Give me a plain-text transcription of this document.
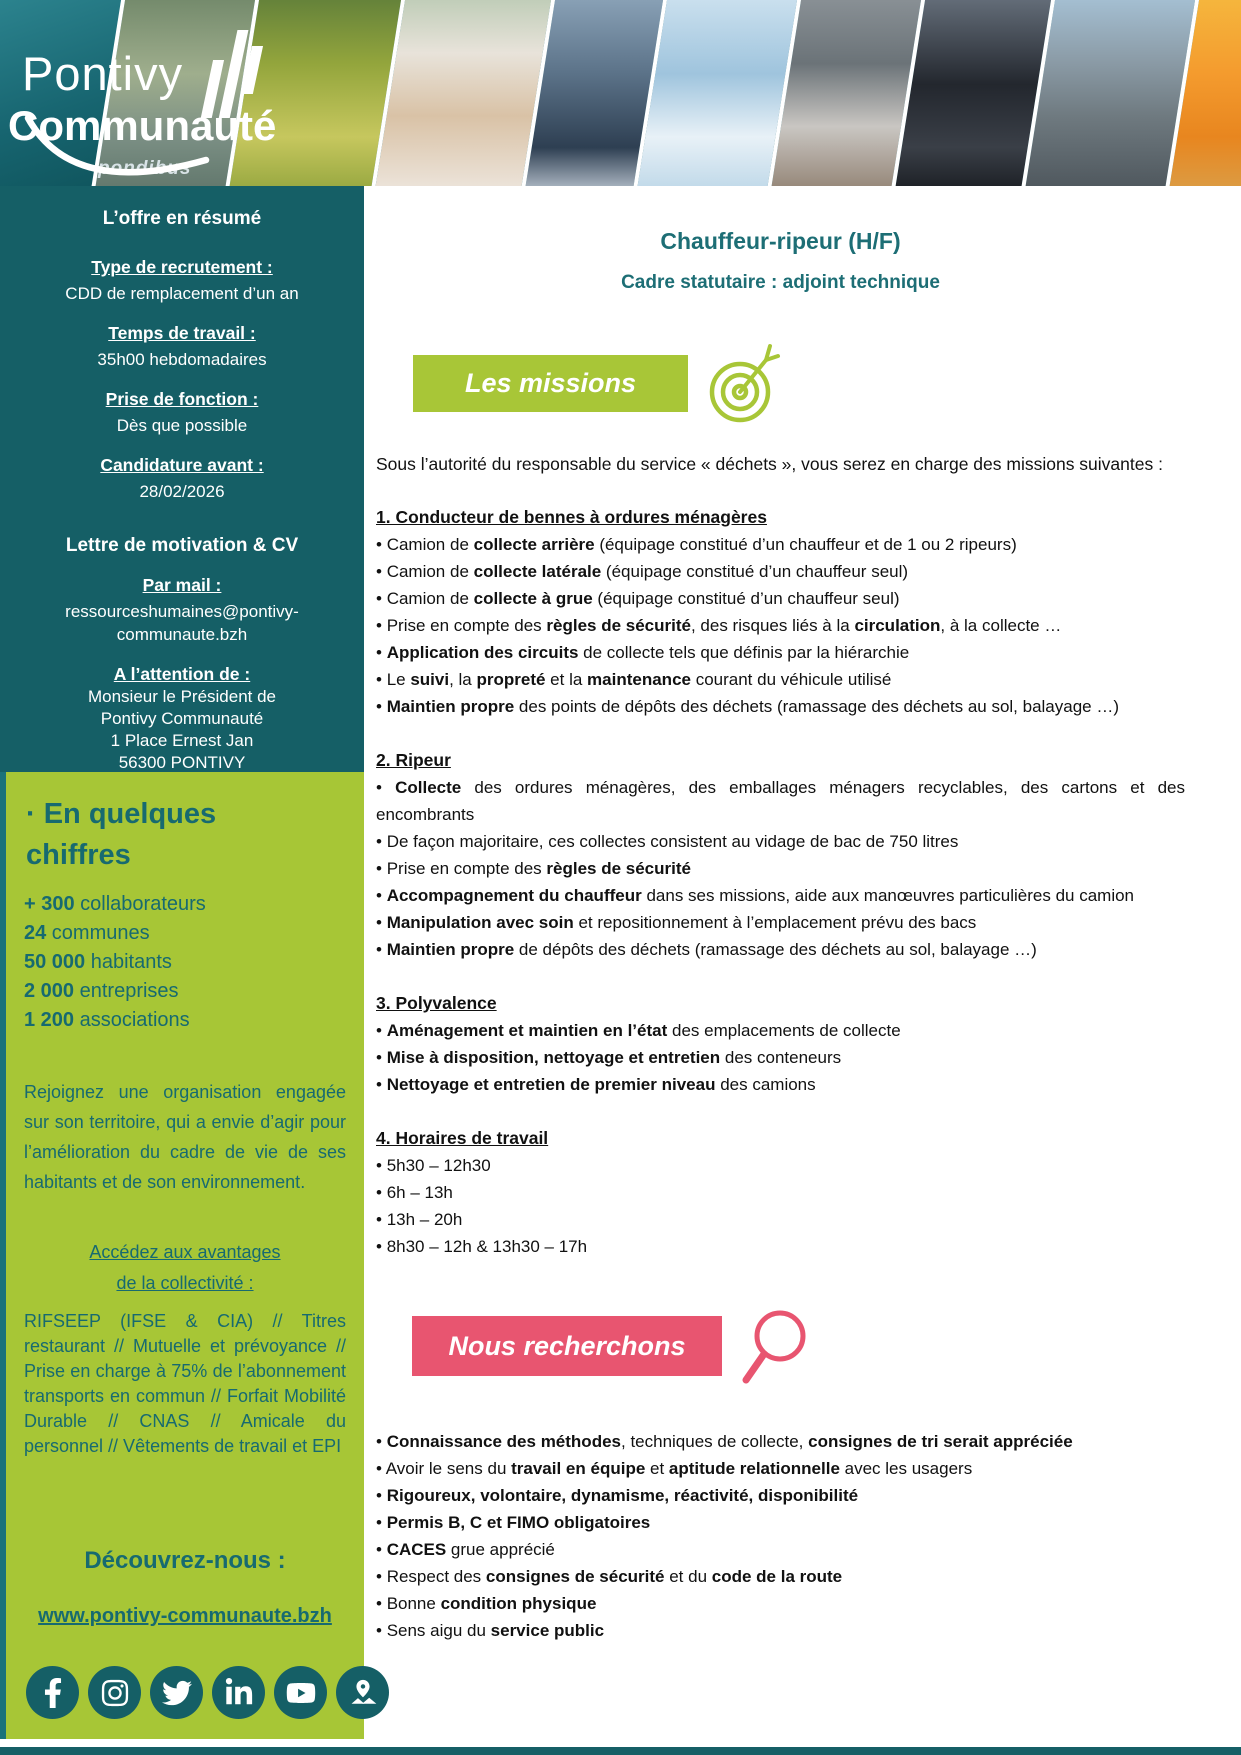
pondibus
Pontivy
Communauté
L’offre en résumé
Type de recrutement :
CDD de remplacement d’un an
Temps de travail :
35h00 hebdomadaires
Prise de fonction :
Dès que possible
Candidature avant :
28/02/2026
Lettre de motivation & CV
Par mail :
ressourceshumaines@pontivy-communaute.bzh
A l’attention de :
Monsieur le Président de
Pontivy Communauté
1 Place Ernest Jan
56300 PONTIVY
· En quelques chiffres
+ 300 collaborateurs
24 communes
50 000 habitants
2 000 entreprises
1 200 associations

Rejoignez une organisation engagée sur son territoire, qui a envie d’agir pour l’amélioration du cadre de vie de ses habitants et de son environnement.

Accédez aux avantages de la collectivité :

RIFSEEP (IFSE & CIA) // Titres restaurant // Mutuelle et prévoyance // Prise en charge à 75% de l’abonnement transports en commun // Forfait Mobilité Durable // CNAS // Amicale du personnel // Vêtements de travail et EPI

Découvrez-nous :
www.pontivy-communaute.bzh
Chauffeur-ripeur (H/F)
Cadre statutaire : adjoint technique
Les missions

Sous l’autorité du responsable du service « déchets », vous serez en charge des missions suivantes :

1. Conducteur de bennes à ordures ménagères
• Camion de collecte arrière (équipage constitué d’un chauffeur et de 1 ou 2 ripeurs)
• Camion de collecte latérale (équipage constitué d’un chauffeur seul)
• Camion de collecte à grue (équipage constitué d’un chauffeur seul)
• Prise en compte des règles de sécurité, des risques liés à la circulation, à la collecte …
• Application des circuits de collecte tels que définis par la hiérarchie
• Le suivi, la propreté et la maintenance courant du véhicule utilisé
• Maintien propre des points de dépôts des déchets (ramassage des déchets au sol, balayage …)
2. Ripeur
• Collecte des ordures ménagères, des emballages ménagers recyclables, des cartons et des encombrants
• De façon majoritaire, ces collectes consistent au vidage de bac de 750 litres
• Prise en compte des règles de sécurité
• Accompagnement du chauffeur dans ses missions, aide aux manœuvres particulières du camion
• Manipulation avec soin et repositionnement à l’emplacement prévu des bacs
• Maintien propre de dépôts des déchets (ramassage des déchets au sol, balayage …)
3. Polyvalence
• Aménagement et maintien en l’état des emplacements de collecte
• Mise à disposition, nettoyage et entretien des conteneurs
• Nettoyage et entretien de premier niveau des camions
4. Horaires de travail
• 5h30 – 12h30
• 6h – 13h
• 13h – 20h
• 8h30 – 12h & 13h30 – 17h
Nous recherchons
• Connaissance des méthodes, techniques de collecte, consignes de tri serait appréciée
• Avoir le sens du travail en équipe et aptitude relationnelle avec les usagers
• Rigoureux, volontaire, dynamisme, réactivité, disponibilité
• Permis B, C et FIMO obligatoires
• CACES grue apprécié
• Respect des consignes de sécurité et du code de la route
• Bonne condition physique
• Sens aigu du service public
